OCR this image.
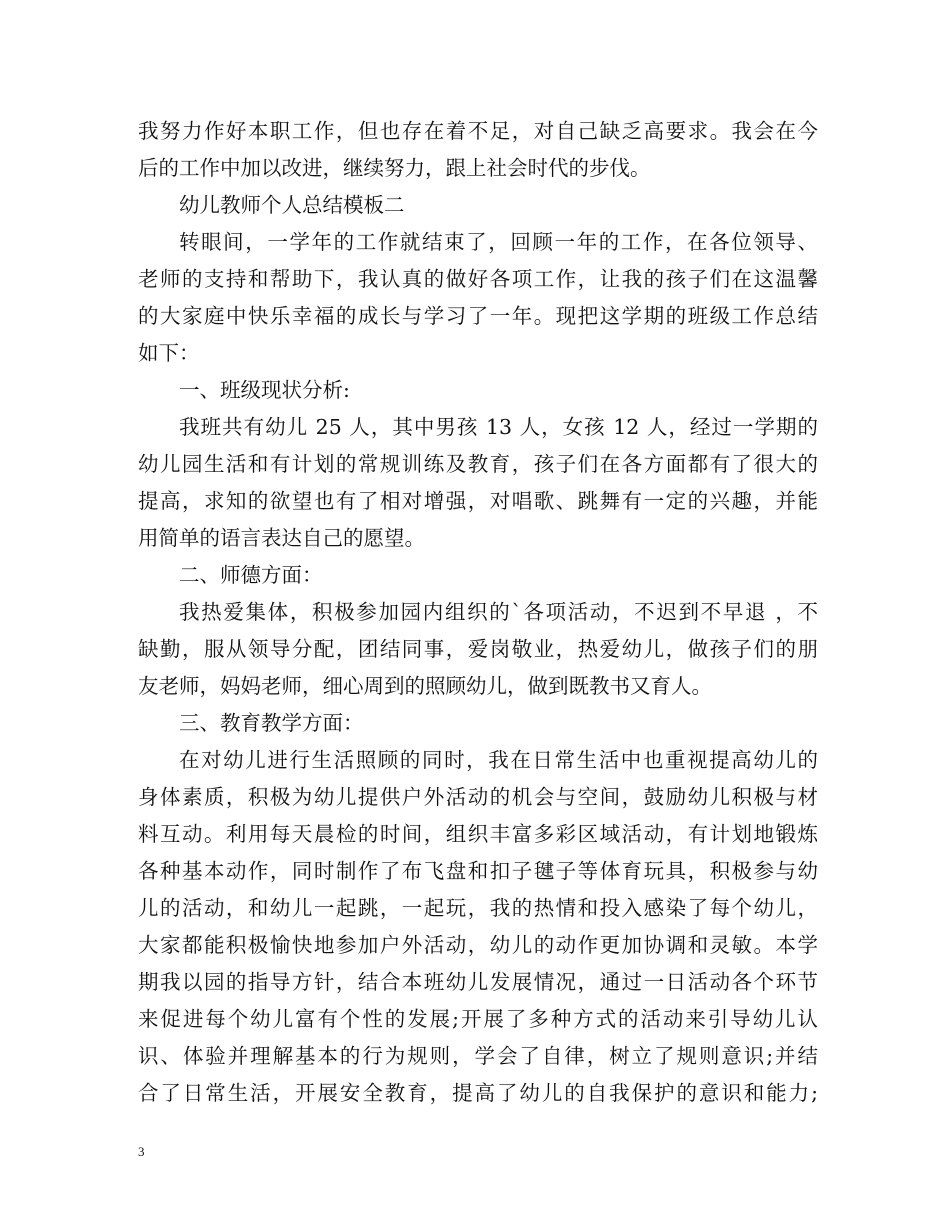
我努力作好本职工作，但也存在着不足，对自己缺乏高要求。我会在今
后的工作中加以改进，继续努力，跟上社会时代的步伐。
幼儿教师个人总结模板二
转眼间，一学年的工作就结束了，回顾一年的工作，在各位领导、
老师的支持和帮助下，我认真的做好各项工作，让我的孩子们在这温馨
的大家庭中快乐幸福的成长与学习了一年。现把这学期的班级工作总结
如下：
一、班级现状分析:
我班共有幼儿 25 人，其中男孩 13 人，女孩 12 人，经过一学期的
幼儿园生活和有计划的常规训练及教育，孩子们在各方面都有了很大的
提高，求知的欲望也有了相对增强，对唱歌、跳舞有一定的兴趣，并能
用简单的语言表达自己的愿望。
二、师德方面：
我热爱集体，积极参加园内组织的`各项活动，不迟到不早退 ，不
缺勤，服从领导分配，团结同事，爱岗敬业，热爱幼儿，做孩子们的朋
友老师，妈妈老师，细心周到的照顾幼儿，做到既教书又育人。
三、教育教学方面：
在对幼儿进行生活照顾的同时，我在日常生活中也重视提高幼儿的
身体素质，积极为幼儿提供户外活动的机会与空间，鼓励幼儿积极与材
料互动。利用每天晨检的时间，组织丰富多彩区域活动，有计划地锻炼
各种基本动作，同时制作了布飞盘和扣子毽子等体育玩具，积极参与幼
儿的活动，和幼儿一起跳，一起玩，我的热情和投入感染了每个幼儿，
大家都能积极愉快地参加户外活动，幼儿的动作更加协调和灵敏。本学
期我以园的指导方针，结合本班幼儿发展情况，通过一日活动各个环节
来促进每个幼儿富有个性的发展;开展了多种方式的活动来引导幼儿认
识、体验并理解基本的行为规则，学会了自律，树立了规则意识;并结
合了日常生活，开展安全教育，提高了幼儿的自我保护的意识和能力;
3
